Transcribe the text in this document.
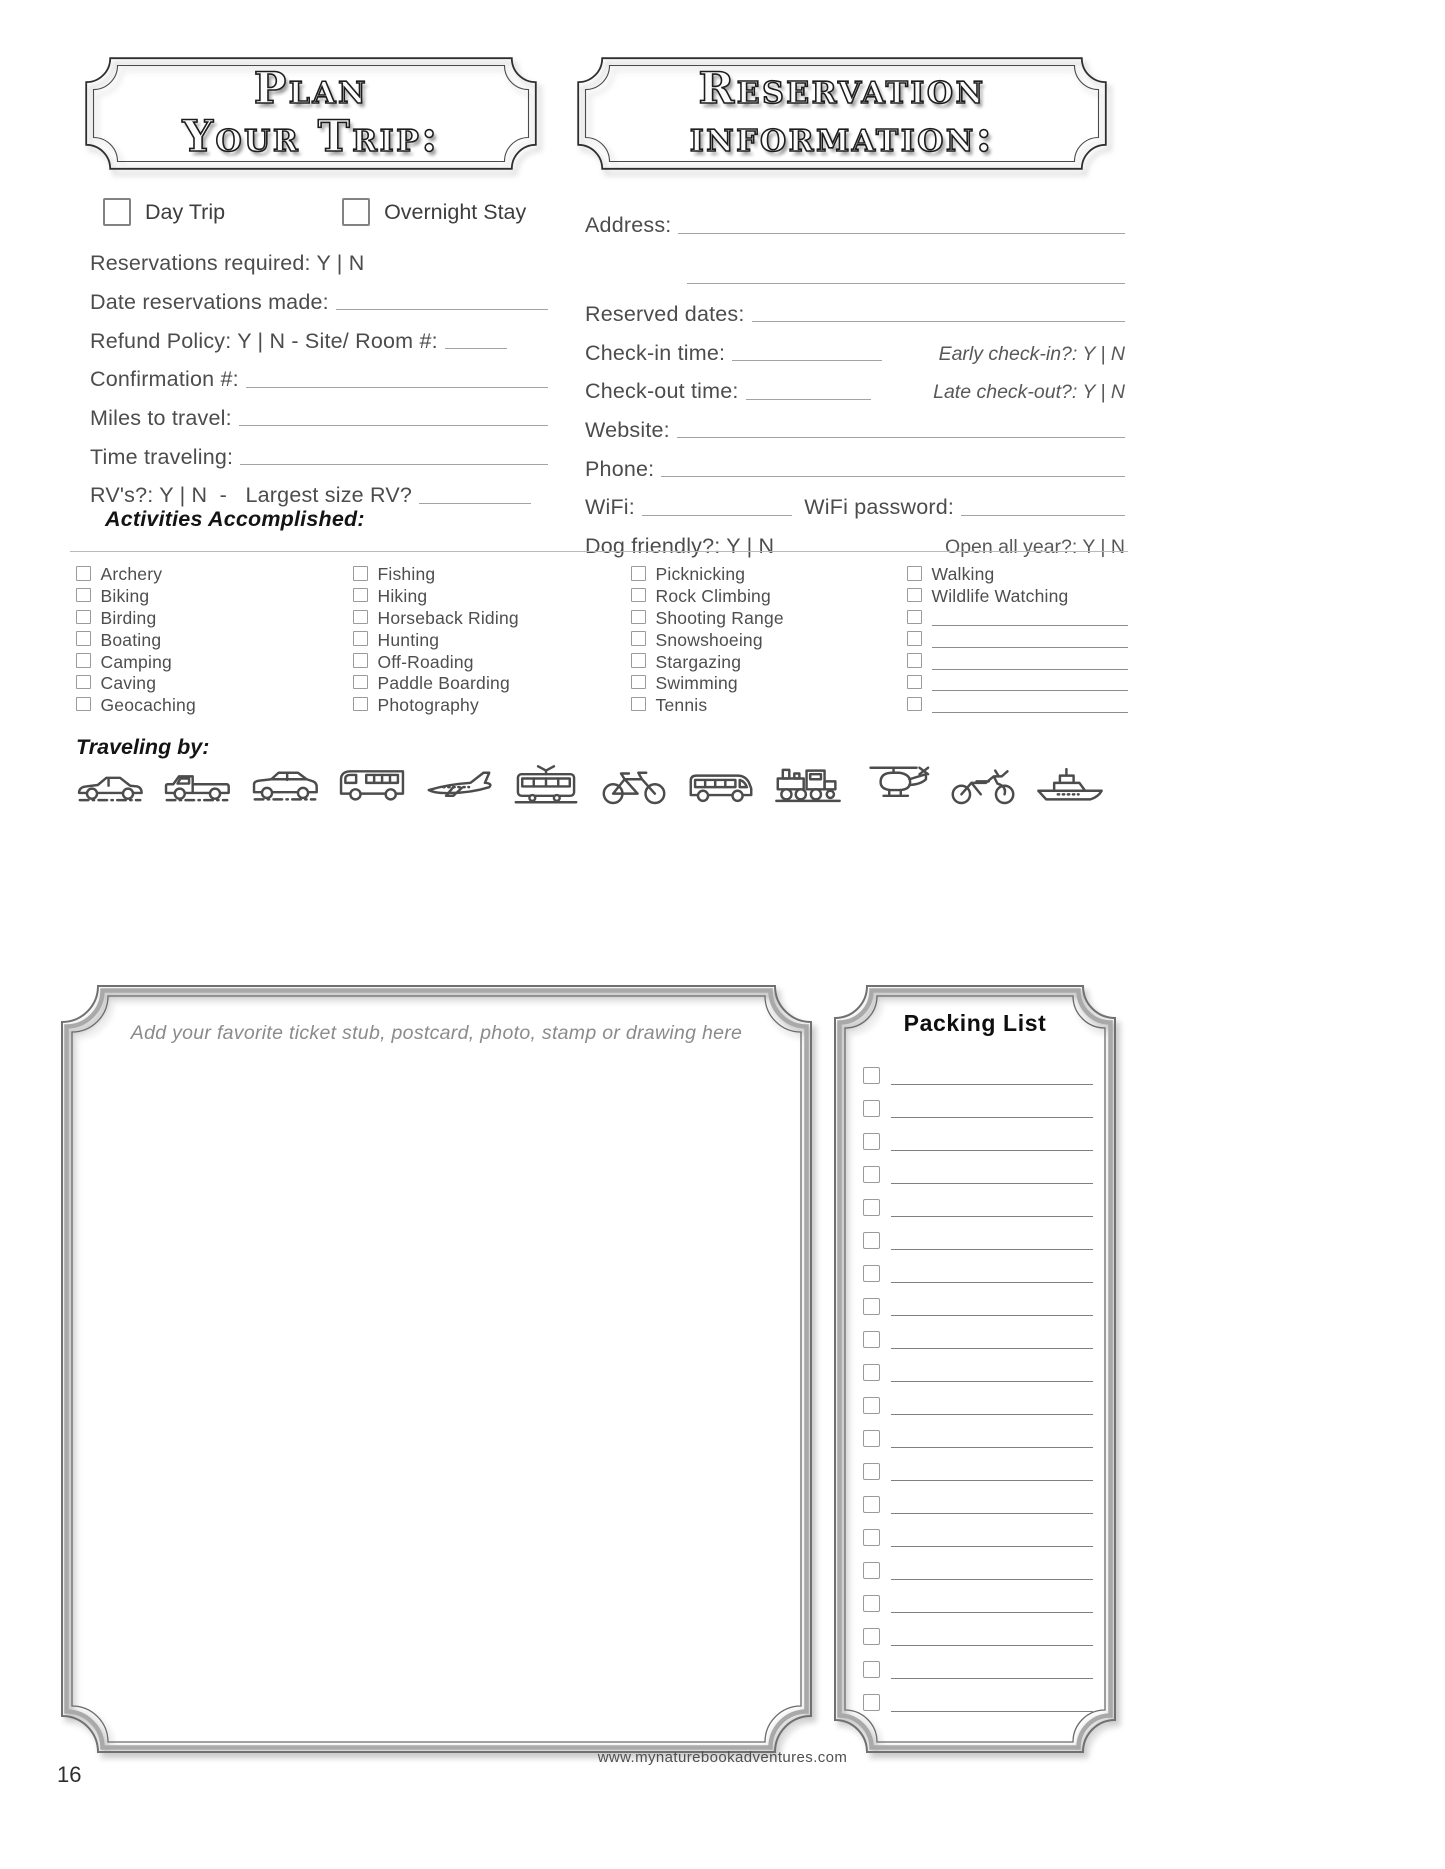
Plan
Your Trip:
Reservation
information:
Day Trip	Overnight Stay
Reservations required: Y | N
Date reservations made:
Refund Policy: Y | N - Site/ Room #:
Confirmation #:
Miles to travel:
Time traveling:
RV's?: Y | N  -   Largest size RV?
Address:
Reserved dates:
Check-in time:	Early check-in?: Y | N
Check-out time:	Late check-out?: Y | N
Website:
Phone:
WiFi:	WiFi password:
Dog friendly?: Y | N	Open all year?: Y | N
Activities Accomplished:
Archery
Biking
Birding
Boating
Camping
Caving
Geocaching
Fishing
Hiking
Horseback Riding
Hunting
Off-Roading
Paddle Boarding
Photography
Picknicking
Rock Climbing
Shooting Range
Snowshoeing
Stargazing
Swimming
Tennis
Walking
Wildlife Watching
Traveling by:
Add your favorite ticket stub, postcard, photo, stamp or drawing here	Packing List
www.mynaturebookadventures.com
16
